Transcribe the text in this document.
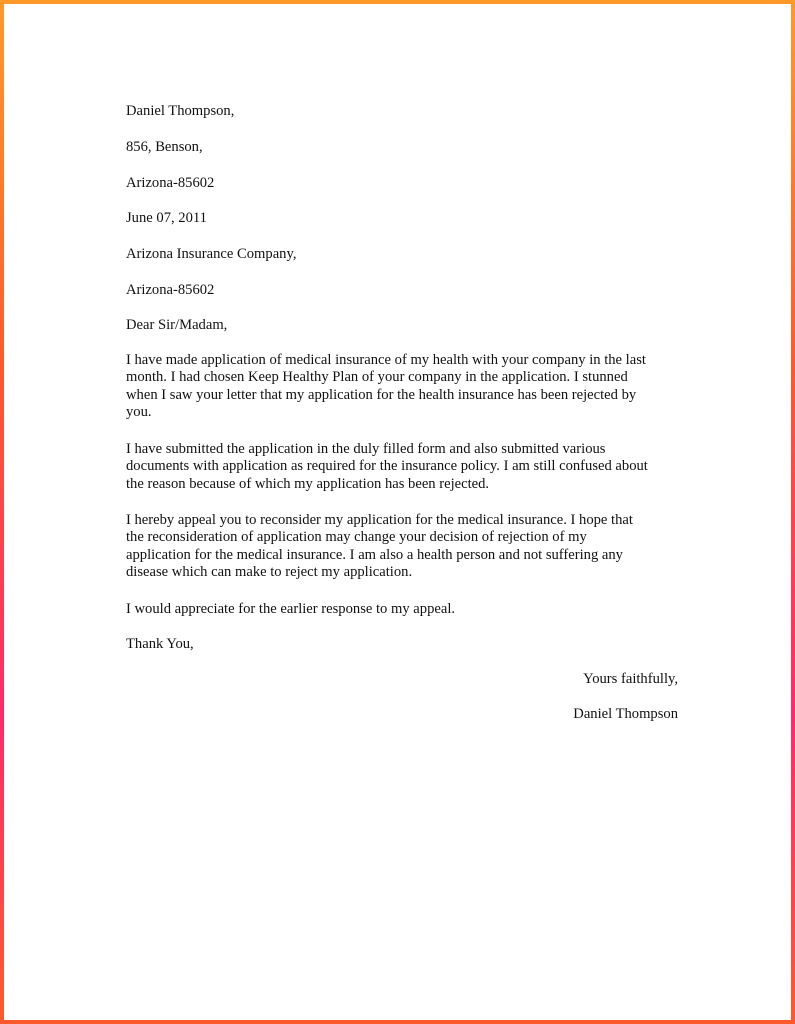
Daniel Thompson,
856, Benson,
Arizona-85602
June 07, 2011
Arizona Insurance Company,
Arizona-85602
Dear Sir/Madam,
I have made application of medical insurance of my health with your company in the last
month. I had chosen Keep Healthy Plan of your company in the application. I stunned
when I saw your letter that my application for the health insurance has been rejected by
you.
I have submitted the application in the duly filled form and also submitted various
documents with application as required for the insurance policy. I am still confused about
the reason because of which my application has been rejected.
I hereby appeal you to reconsider my application for the medical insurance. I hope that
the reconsideration of application may change your decision of rejection of my
application for the medical insurance. I am also a health person and not suffering any
disease which can make to reject my application.
I would appreciate for the earlier response to my appeal.
Thank You,
Yours faithfully,
Daniel Thompson
